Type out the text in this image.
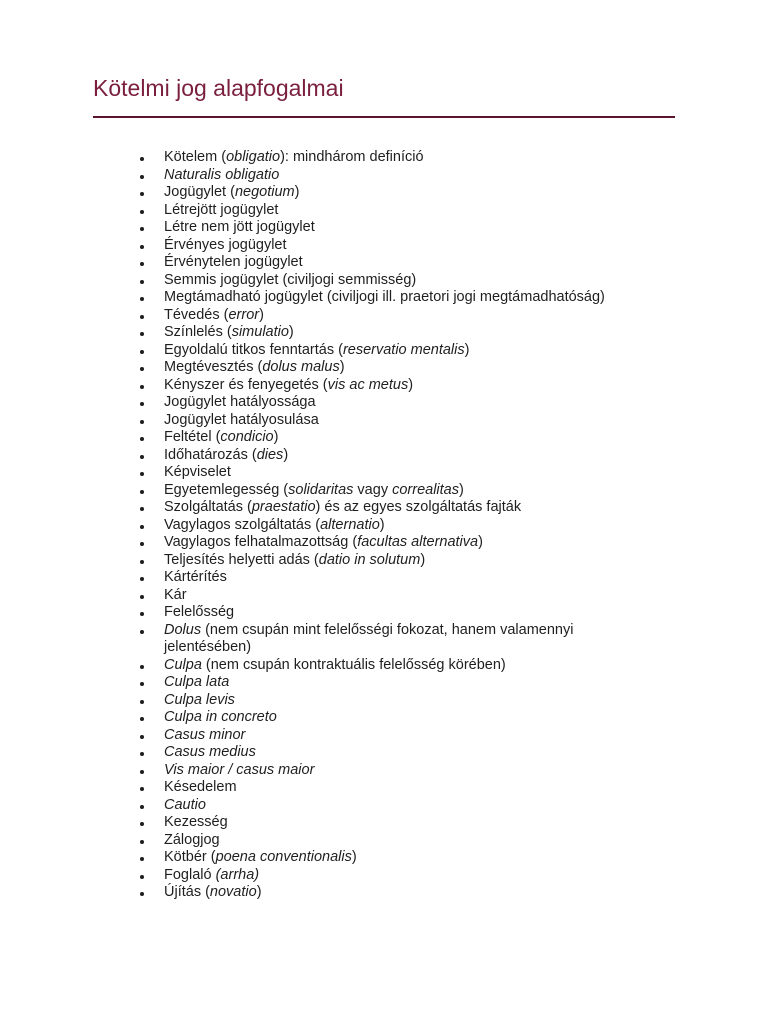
Kötelmi jog alapfogalmai
Kötelem (obligatio): mindhárom definíció
Naturalis obligatio
Jogügylet (negotium)
Létrejött jogügylet
Létre nem jött jogügylet
Érvényes jogügylet
Érvénytelen jogügylet
Semmis jogügylet (civiljogi semmisség)
Megtámadható jogügylet (civiljogi ill. praetori jogi megtámadhatóság)
Tévedés (error)
Színlelés (simulatio)
Egyoldalú titkos fenntartás (reservatio mentalis)
Megtévesztés (dolus malus)
Kényszer és fenyegetés (vis ac metus)
Jogügylet hatályossága
Jogügylet hatályosulása
Feltétel (condicio)
Időhatározás (dies)
Képviselet
Egyetemlegesség (solidaritas vagy correalitas)
Szolgáltatás (praestatio) és az egyes szolgáltatás fajták
Vagylagos szolgáltatás (alternatio)
Vagylagos felhatalmazottság (facultas alternativa)
Teljesítés helyetti adás (datio in solutum)
Kártérítés
Kár
Felelősség
Dolus (nem csupán mint felelősségi fokozat, hanem valamennyi jelentésében)
Culpa (nem csupán kontraktuális felelősség körében)
Culpa lata
Culpa levis
Culpa in concreto
Casus minor
Casus medius
Vis maior / casus maior
Késedelem
Cautio
Kezesség
Zálogjog
Kötbér (poena conventionalis)
Foglaló (arrha)
Újítás (novatio)
